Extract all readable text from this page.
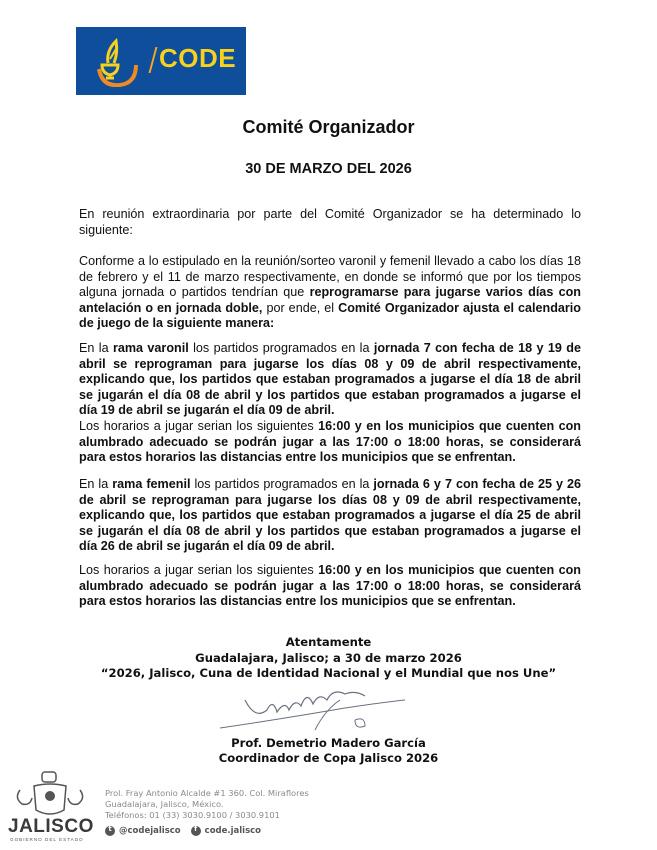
CODE
Comité Organizador
30 DE MARZO DEL 2026
En reunión extraordinaria por parte del Comité Organizador se ha determinado lo siguiente:
Conforme a lo estipulado en la reunión/sorteo varonil y femenil llevado a cabo los días 18 de febrero y el 11 de marzo respectivamente, en donde se informó que por los tiempos alguna jornada o partidos tendrían que reprogramarse para jugarse varios días con antelación o en jornada doble, por ende, el Comité Organizador ajusta el calendario de juego de la siguiente manera:
En la rama varonil los partidos programados en la jornada 7 con fecha de 18 y 19 de abril se reprograman para jugarse los días 08 y 09 de abril respectivamente, explicando que, los partidos que estaban programados a jugarse el día 18 de abril se jugarán el día 08 de abril y los partidos que estaban programados a jugarse el día 19 de abril se jugarán el día 09 de abril.
Los horarios a jugar serian los siguientes 16:00 y en los municipios que cuenten con alumbrado adecuado se podrán jugar a las 17:00 o 18:00 horas, se considerará para estos horarios las distancias entre los municipios que se enfrentan.
En la rama femenil los partidos programados en la jornada 6 y 7 con fecha de 25 y 26 de abril se reprograman para jugarse los días 08 y 09 de abril respectivamente, explicando que, los partidos que estaban programados a jugarse el día 25 de abril se jugarán el día 08 de abril y los partidos que estaban programados a jugarse el día 26 de abril se jugarán el día 09 de abril.
Los horarios a jugar serian los siguientes 16:00 y en los municipios que cuenten con alumbrado adecuado se podrán jugar a las 17:00 o 18:00 horas, se considerará para estos horarios las distancias entre los municipios que se enfrentan.
Atentamente
Guadalajara, Jalisco; a 30 de marzo 2026
“2026, Jalisco, Cuna de Identidad Nacional y el Mundial que nos Une”
Prof. Demetrio Madero García
Coordinador de Copa Jalisco 2026
JALISCO
GOBIERNO DEL ESTADO
Prol. Fray Antonio Alcalde #1 360. Col. Miraflores
Guadalajara, Jalisco, México.
Teléfonos: 01 (33) 3030.9100 / 3030.9101
t @codejalisco	f code.jalisco
